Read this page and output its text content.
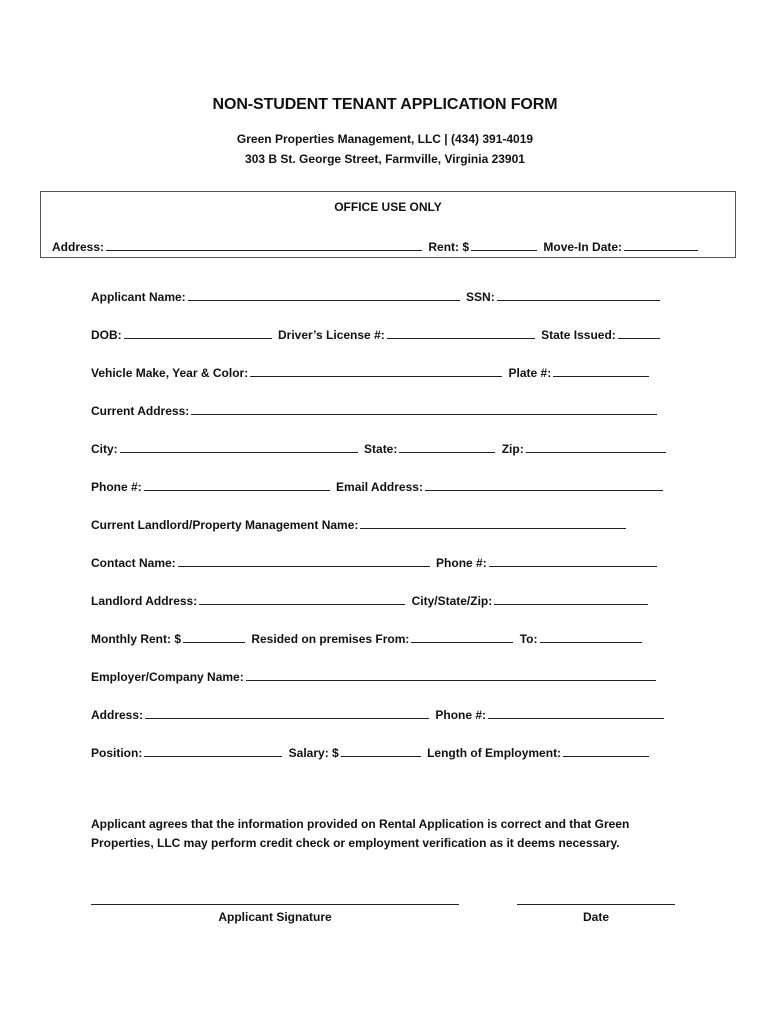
NON-STUDENT TENANT APPLICATION FORM
Green Properties Management, LLC | (434) 391-4019
303 B St. George Street, Farmville, Virginia 23901
OFFICE USE ONLY
Address:	Rent: $	Move-In Date:
Applicant Name:	SSN:
DOB:	Driver’s License #:	State Issued:
Vehicle Make, Year & Color:	Plate #:
Current Address:
City:	State:	Zip:
Phone #:	Email Address:
Current Landlord/Property Management Name:
Contact Name:	Phone #:
Landlord Address:	City/State/Zip:
Monthly Rent: $	Resided on premises From:	To:
Employer/Company Name:
Address:	Phone #:
Position:	Salary: $	Length of Employment:
Applicant agrees that the information provided on Rental Application is correct and that Green Properties, LLC may perform credit check or employment verification as it deems necessary.
Applicant Signature	Date
